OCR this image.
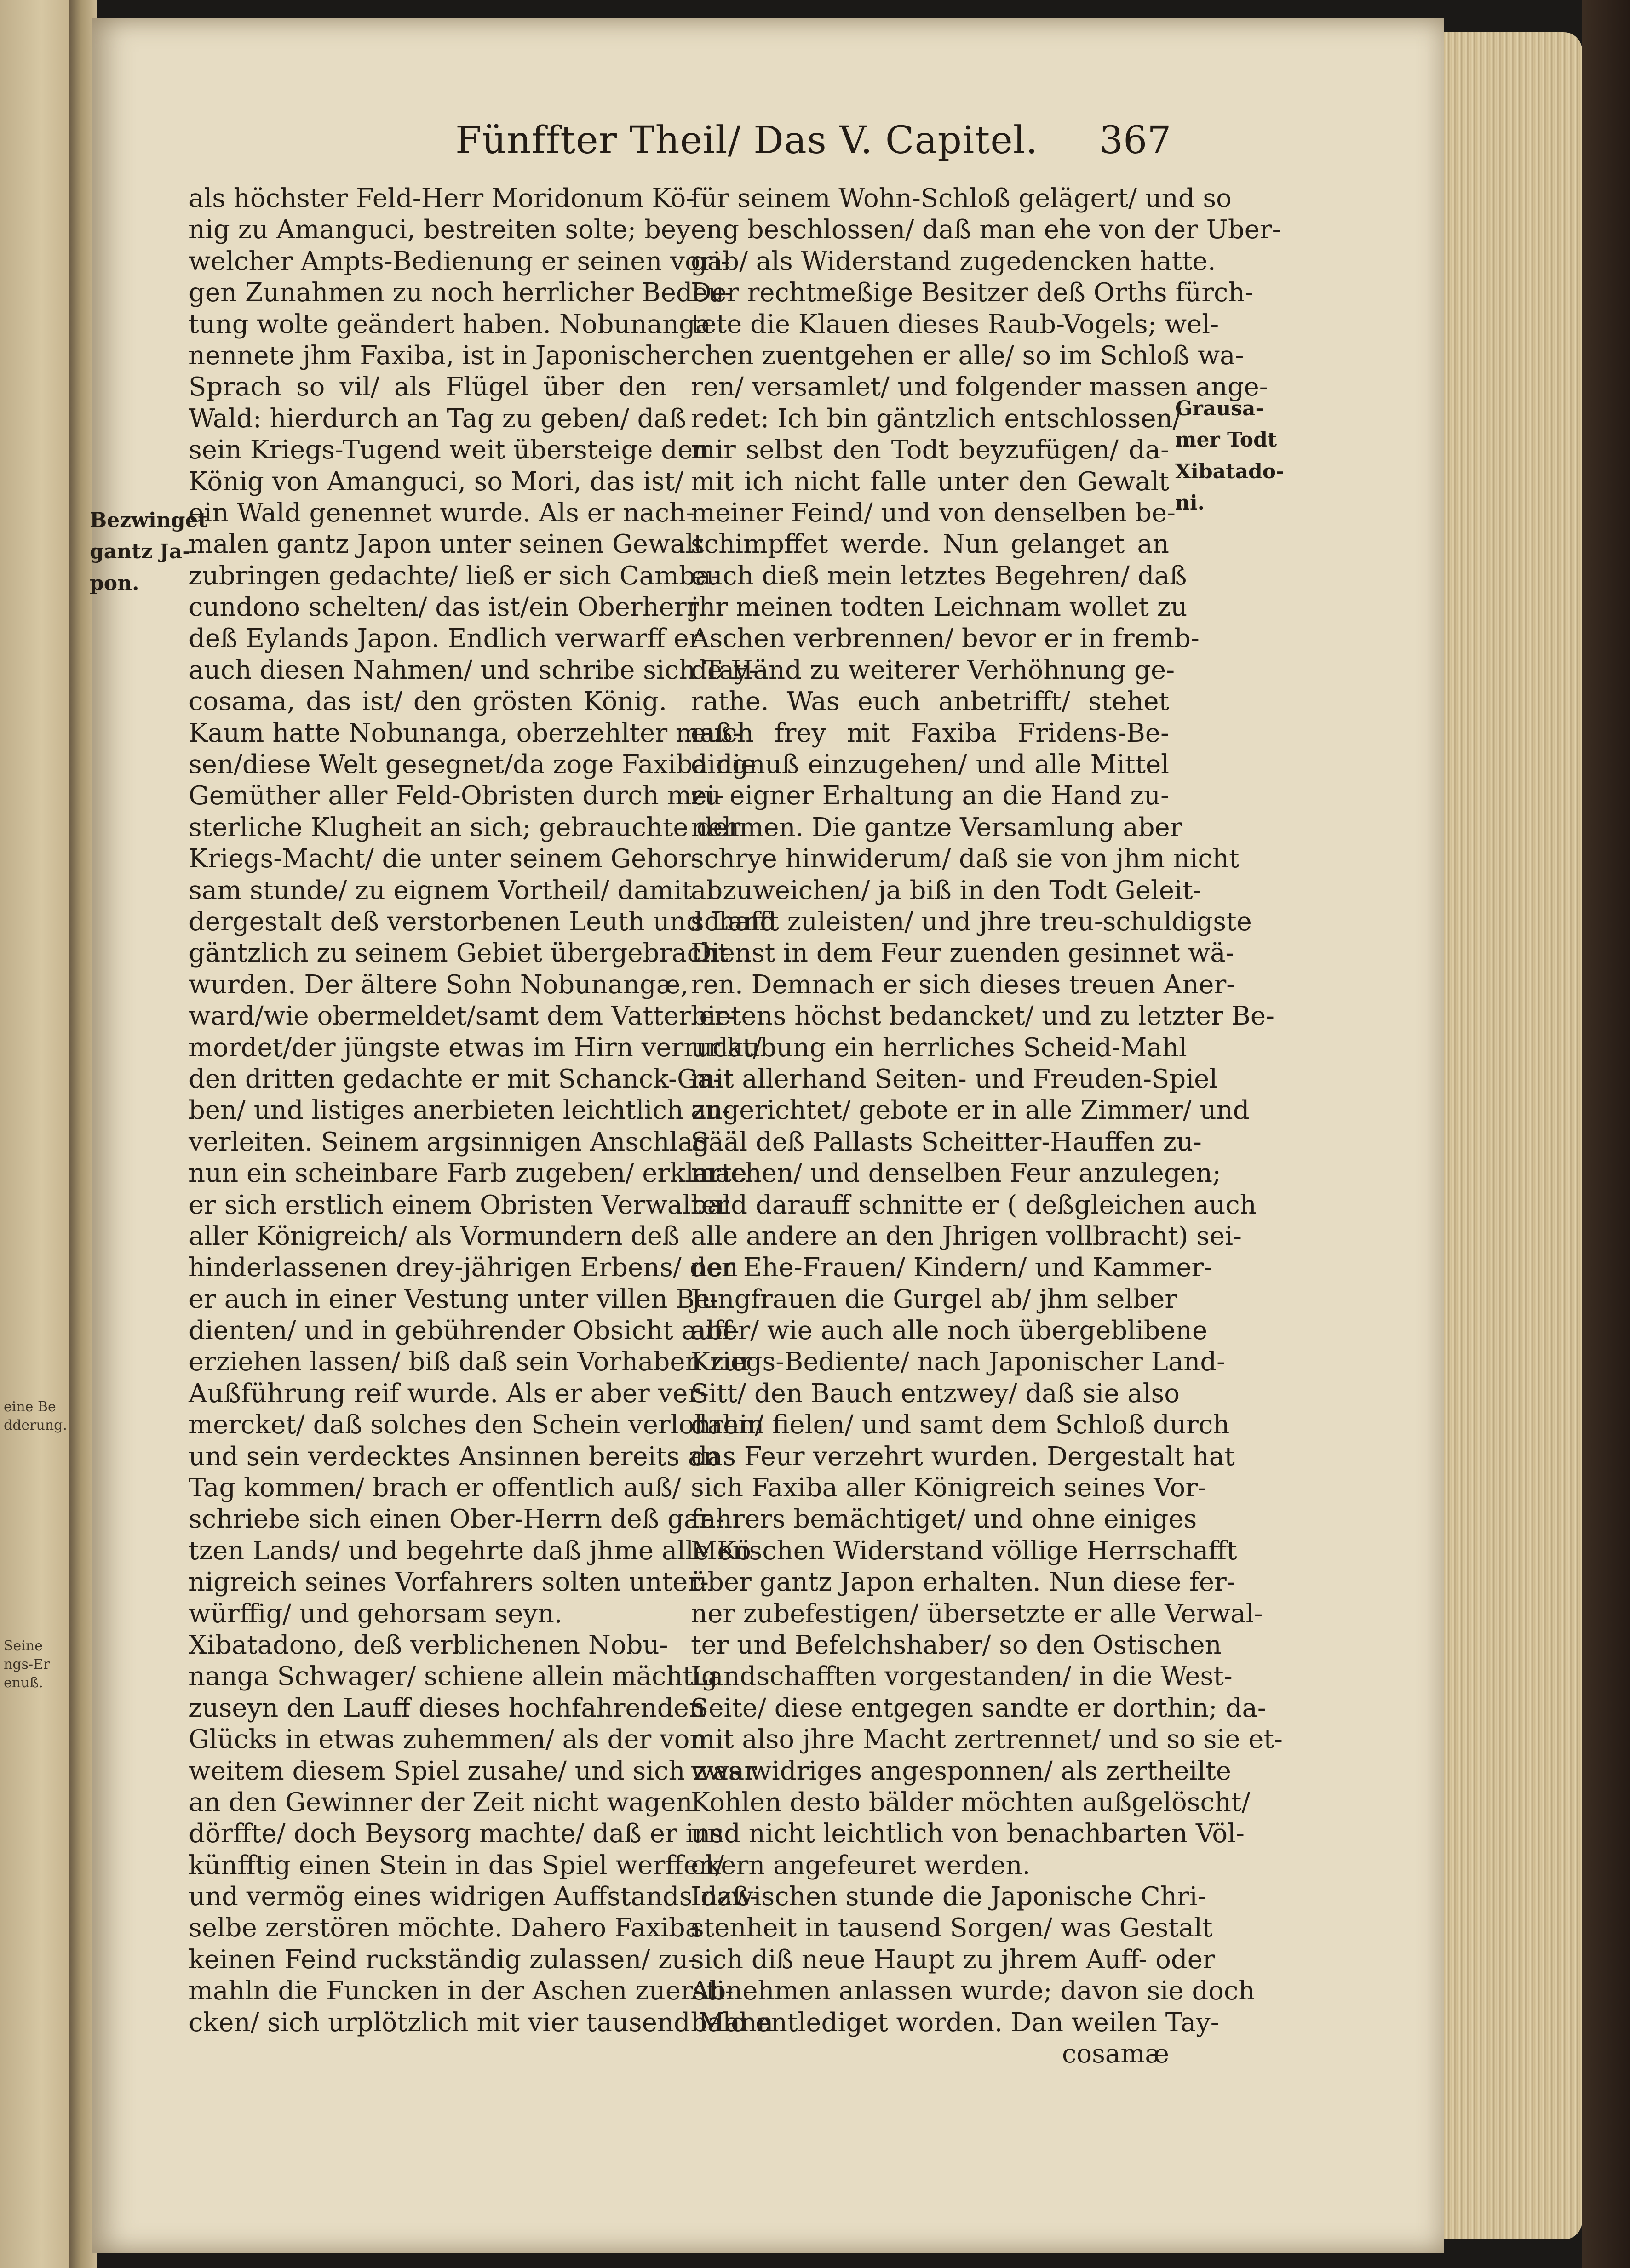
eine Be dderung.
Seine ngs-Er enuß.
Fünffter Theil/ Das V. Capitel. 367
Bezwinget
gantz Ja-
pon.
Grausa-
mer Todt
Xibatado-
ni.
als höchster Feld-Herr Moridonum Kö-
nig zu Amanguci, bestreiten solte; bey
welcher Ampts-Bedienung er seinen vori-
gen Zunahmen zu noch herrlicher Bedeu-
tung wolte geändert haben. Nobunanga
nennete jhm Faxiba, ist in Japonischer
Sprach so vil/ als Flügel über den
Wald: hierdurch an Tag zu geben/ daß
sein Kriegs-Tugend weit übersteige den
König von Amanguci, so Mori, das ist/
ein Wald genennet wurde. Als er nach-
malen gantz Japon unter seinen Gewalt
zubringen gedachte/ ließ er sich Camba-
cundono schelten/ das ist/ein Oberherr
deß Eylands Japon. Endlich verwarff er
auch diesen Nahmen/ und schribe sich Tay-
cosama, das ist/ den grösten König.
Kaum hatte Nobunanga, oberzehlter maß-
sen/diese Welt gesegnet/da zoge Faxiba die
Gemüther aller Feld-Obristen durch mei-
sterliche Klugheit an sich; gebrauchte der
Kriegs-Macht/ die unter seinem Gehor-
sam stunde/ zu eignem Vortheil/ damit
dergestalt deß verstorbenen Leuth und Land
gäntzlich zu seinem Gebiet übergebracht
wurden. Der ältere Sohn Nobunangæ,
ward/wie obermeldet/samt dem Vatter er-
mordet/der jüngste etwas im Hirn verruckt/
den dritten gedachte er mit Schanck-Ga-
ben/ und listiges anerbieten leichtlich zu-
verleiten. Seinem argsinnigen Anschlag
nun ein scheinbare Farb zugeben/ erklarte
er sich erstlich einem Obristen Verwalter
aller Königreich/ als Vormundern deß
hinderlassenen drey-jährigen Erbens/ den
er auch in einer Vestung unter villen Be-
dienten/ und in gebührender Obsicht auff-
erziehen lassen/ biß daß sein Vorhaben zur
Außführung reif wurde. Als er aber ver-
mercket/ daß solches den Schein verlohren/
und sein verdecktes Ansinnen bereits an
Tag kommen/ brach er offentlich auß/
schriebe sich einen Ober-Herrn deß gan-
tzen Lands/ und begehrte daß jhme alle Kö-
nigreich seines Vorfahrers solten unter-
würffig/ und gehorsam seyn.
Xibatadono, deß verblichenen Nobu-
nanga Schwager/ schiene allein mächtig
zuseyn den Lauff dieses hochfahrenden
Glücks in etwas zuhemmen/ als der von
weitem diesem Spiel zusahe/ und sich zwar
an den Gewinner der Zeit nicht wagen
dörffte/ doch Beysorg machte/ daß er ins
künfftig einen Stein in das Spiel werffen/
und vermög eines widrigen Auffstands daß-
selbe zerstören möchte. Dahero Faxiba
keinen Feind ruckständig zulassen/ zu-
mahln die Funcken in der Aschen zuersti-
cken/ sich urplötzlich mit vier tausend Mann
für seinem Wohn-Schloß gelägert/ und so
eng beschlossen/ daß man ehe von der Uber-
gab/ als Widerstand zugedencken hatte.
Der rechtmeßige Besitzer deß Orths fürch-
tete die Klauen dieses Raub-Vogels; wel-
chen zuentgehen er alle/ so im Schloß wa-
ren/ versamlet/ und folgender massen ange-
redet: Ich bin gäntzlich entschlossen/
mir selbst den Todt beyzufügen/ da-
mit ich nicht falle unter den Gewalt
meiner Feind/ und von denselben be-
schimpffet werde. Nun gelanget an
euch dieß mein letztes Begehren/ daß
jhr meinen todten Leichnam wollet zu
Aschen verbrennen/ bevor er in fremb-
de Händ zu weiterer Verhöhnung ge-
rathe. Was euch anbetrifft/ stehet
euch frey mit Faxiba Fridens-Be-
dingnuß einzugehen/ und alle Mittel
zu eigner Erhaltung an die Hand zu-
nehmen. Die gantze Versamlung aber
schrye hinwiderum/ daß sie von jhm nicht
abzuweichen/ ja biß in den Todt Geleit-
schafft zuleisten/ und jhre treu-schuldigste
Dienst in dem Feur zuenden gesinnet wä-
ren. Demnach er sich dieses treuen Aner-
bietens höchst bedancket/ und zu letzter Be-
urlaubung ein herrliches Scheid-Mahl
mit allerhand Seiten- und Freuden-Spiel
angerichtet/ gebote er in alle Zimmer/ und
Sääl deß Pallasts Scheitter-Hauffen zu-
machen/ und denselben Feur anzulegen;
bald darauff schnitte er ( deßgleichen auch
alle andere an den Jhrigen vollbracht) sei-
ner Ehe-Frauen/ Kindern/ und Kammer-
Jungfrauen die Gurgel ab/ jhm selber
aber/ wie auch alle noch übergeblibene
Kriegs-Bediente/ nach Japonischer Land-
Sitt/ den Bauch entzwey/ daß sie also
dahin fielen/ und samt dem Schloß durch
das Feur verzehrt wurden. Dergestalt hat
sich Faxiba aller Königreich seines Vor-
fahrers bemächtiget/ und ohne einiges
Menschen Widerstand völlige Herrschafft
über gantz Japon erhalten. Nun diese fer-
ner zubefestigen/ übersetzte er alle Verwal-
ter und Befelchshaber/ so den Ostischen
Landschafften vorgestanden/ in die West-
Seite/ diese entgegen sandte er dorthin; da-
mit also jhre Macht zertrennet/ und so sie et-
was widriges angesponnen/ als zertheilte
Kohlen desto bälder möchten außgelöscht/
und nicht leichtlich von benachbarten Völ-
ckern angefeuret werden.
Inzwischen stunde die Japonische Chri-
stenheit in tausend Sorgen/ was Gestalt
sich diß neue Haupt zu jhrem Auff- oder
Abnehmen anlassen wurde; davon sie doch
bald entlediget worden. Dan weilen Tay-
cosamæ
